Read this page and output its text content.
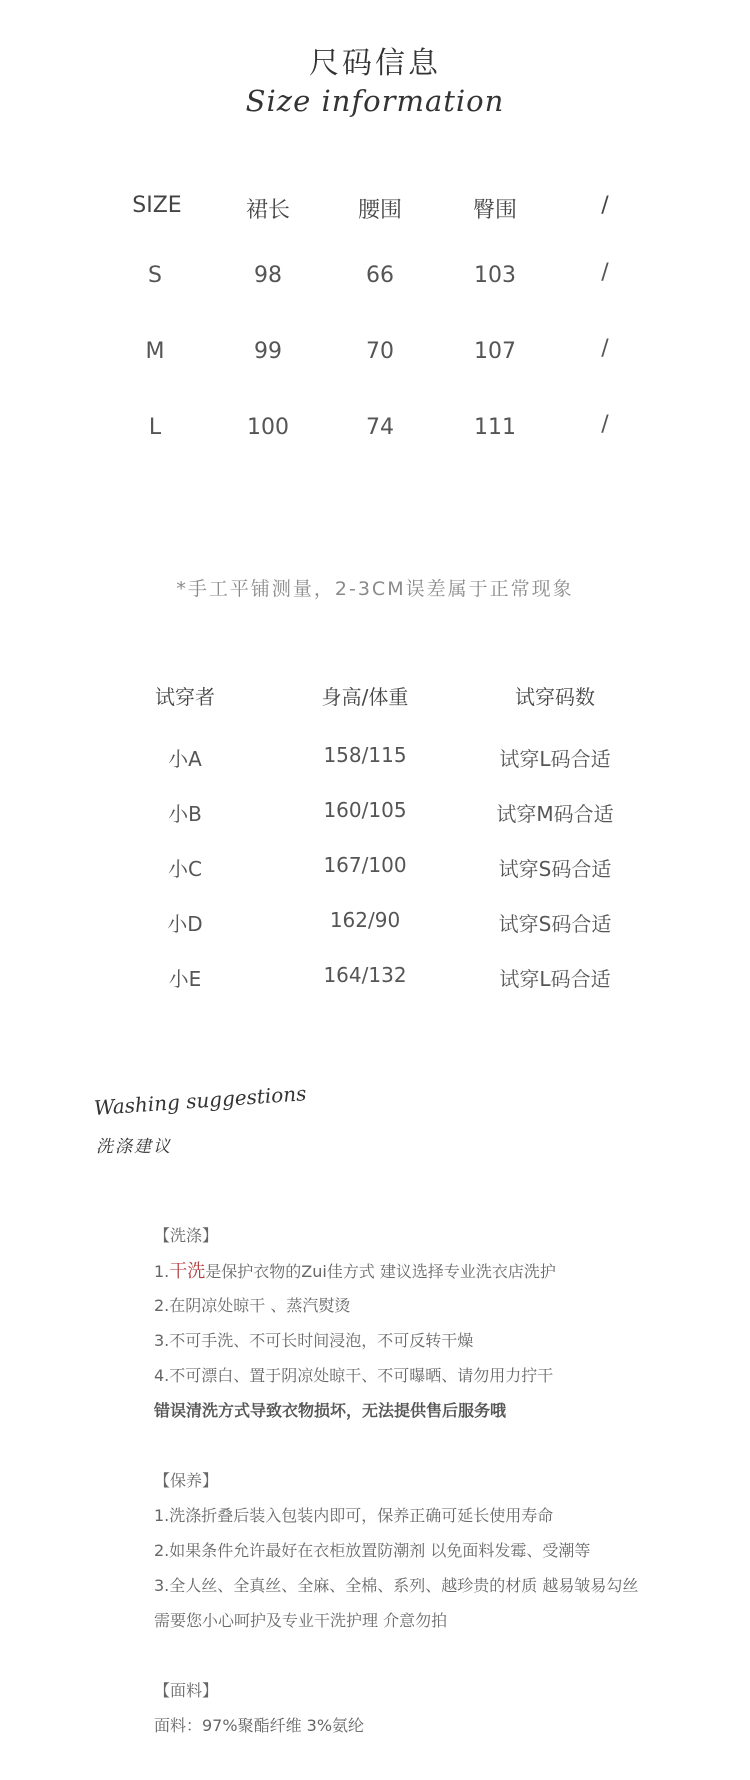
尺码信息
Size information
SIZE	裙长	腰围	臀围	/
S	98	66	103	/
M	99	70	107	/
L	100	74	111	/
*手工平铺测量，2-3CM误差属于正常现象
试穿者	身高/体重	试穿码数
小A	158/115	试穿L码合适
小B	160/105	试穿M码合适
小C	167/100	试穿S码合适
小D	162/90	试穿S码合适
小E	164/132	试穿L码合适
Washing suggestions
洗涤建议
【洗涤】
1.干洗是保护衣物的Zui佳方式 建议选择专业洗衣店洗护
2.在阴凉处晾干 、蒸汽熨烫
3.不可手洗、不可长时间浸泡，不可反转干燥
4.不可漂白、置于阴凉处晾干、不可曝晒、请勿用力拧干
错误清洗方式导致衣物损坏，无法提供售后服务哦
【保养】
1.洗涤折叠后装入包装内即可，保养正确可延长使用寿命
2.如果条件允许最好在衣柜放置防潮剂 以免面料发霉、受潮等
3.全人丝、全真丝、全麻、全棉、系列、越珍贵的材质 越易皱易勾丝
需要您小心呵护及专业干洗护理 介意勿拍
【面料】
面料：97%聚酯纤维 3%氨纶
